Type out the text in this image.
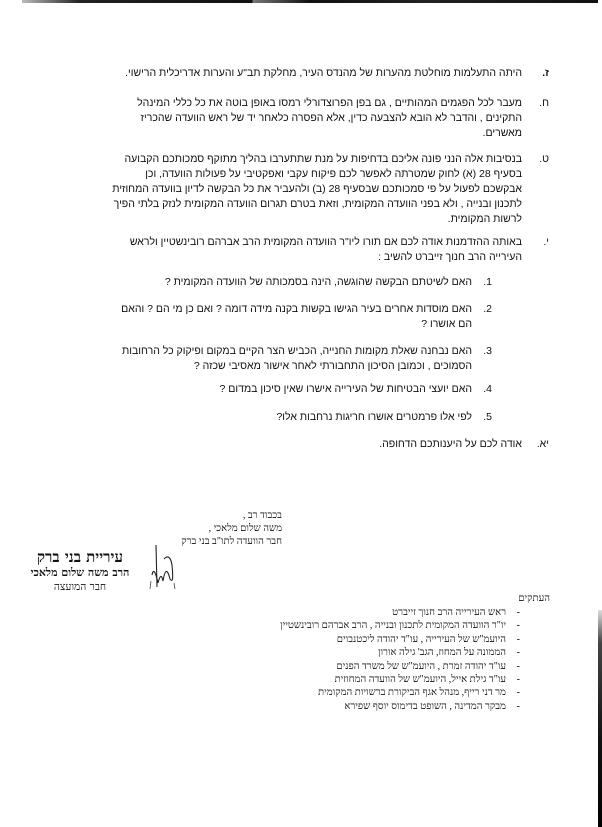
ז.

היתה התעלמות מוחלטת מהערות של מהנדס העיר, מחלקת תב"ע והערות אדריכלית הרישוי.

ח.

מעבר לכל הפגמים המהותיים , גם בפן הפרוצדורלי רמסו באופן בוטה את כל כללי המינהל התקינים , והדבר לא הובא להצבעה כדין, אלא הפסרה כלאחר יד של ראש הוועדה שהכריז מאשרים.

ט.

בנסיבות אלה הנני פונה אליכם בדחיפות על מנת שתתערבו בהליך מתוקף סמכותכם הקבועה בסעיף 28 (א) לחוק שמטרתה לאפשר לכם פיקוח עקבי ואפקטיבי על פעולות הוועדה, וכן אבקשכם לפעול על פי סמכותכם שבסעיף 28 (ב) ולהעביר את כל הבקשה לדיון בוועדה המחוזית לתכנון ובנייה , ולא בפני הוועדה המקומית, וזאת בטרם תגרום הוועדה המקומית לנזק בלתי הפיך לרשות המקומית.

י.

באותה ההזדמנות אודה לכם אם תורו ליו"ר הוועדה המקומית הרב אברהם רובינשטיין ולראש העירייה הרב חנוך זייברט להשיב :

1.

האם לשיטתם הבקשה שהוגשה, הינה בסמכותה של הוועדה המקומית ?

2.

האם מוסדות אחרים בעיר הגישו בקשות בקנה מידה דומה ? ואם כן מי הם ? והאם הם אושרו ?

3.

האם נבחנה שאלת מקומות החנייה, הכביש הצר הקיים במקום ופיקוק כל הרחובות הסמוכים , וכמובן הסיכון התחבורתי לאחר אישור מאסיבי שכזה ?

4.

האם יועצי הבטיחות של העירייה אישרו שאין סיכון במדום ?

5.

לפי אלו פרמטרים אושרו חריגות נרחבות אלו?

יא.
אודה לכם על היענותכם הדחופה.
בכבוד רב ,
משה שלום מלאכי ,
חבר הוועדה לתו"ב בני ברק
עיריית בני ברק
הרב משה שלום מלאכי
חבר המועצה
העתקים
-
ראש העירייה הרב חנוך זייברט
-
יו"ר הוועדה המקומית לתכנון ובנייה , הרב אברהם רובינשטיין
-
היועמ"ש של העירייה , עו"ד יהודה ליכטנבוים
-
הממונה על המחוז, הגב' גילה אורון
-
עו"ד יהודה זמרת , היועמ"ש של משרד הפנים
-
עו"ד גילת אייל, היועמ"ש של הוועדה המחוזית
-
מר דני רייף, מנהל אגף הביקורת ברשויות המקומית
-
מבקר המדינה , השופט בדימוס יוסף שפירא
